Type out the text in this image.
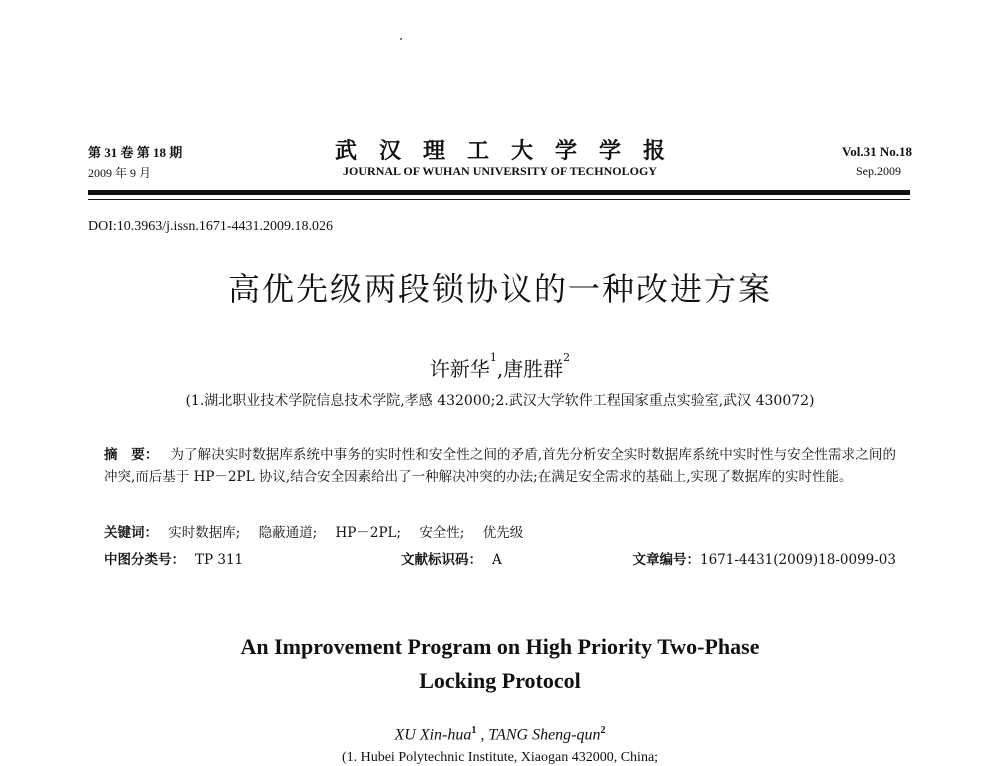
第 31 卷 第 18 期
2009 年 9 月
武汉理工大学学报
JOURNAL OF WUHAN UNIVERSITY OF TECHNOLOGY
Vol.31 No.18
Sep.2009
DOI:10.3963/j.issn.1671-4431.2009.18.026
高优先级两段锁协议的一种改进方案
许新华$^1$,唐胜群$^2$
(1.湖北职业技术学院信息技术学院,孝感 432000;2.武汉大学软件工程国家重点实验室,武汉 430072)
摘　要： 为了解决实时数据库系统中事务的实时性和安全性之间的矛盾,首先分析安全实时数据库系统中实时性与安全性需求之间的冲突,而后基于 HP－2PL 协议,结合安全因素给出了一种解决冲突的办法;在满足安全需求的基础上,实现了数据库的实时性能。
关键词： 实时数据库; 隐蔽通道; HP－2PL; 安全性; 优先级
中图分类号： TP 311	文献标识码： A	文章编号：1671-4431(2009)18-0099-03
An Improvement Program on High Priority Two-Phase
Locking Protocol
XU Xin-hua$^1$ , TANG Sheng-qun$^2$
(1. Hubei Polytechnic Institute, Xiaogan 432000, China;
